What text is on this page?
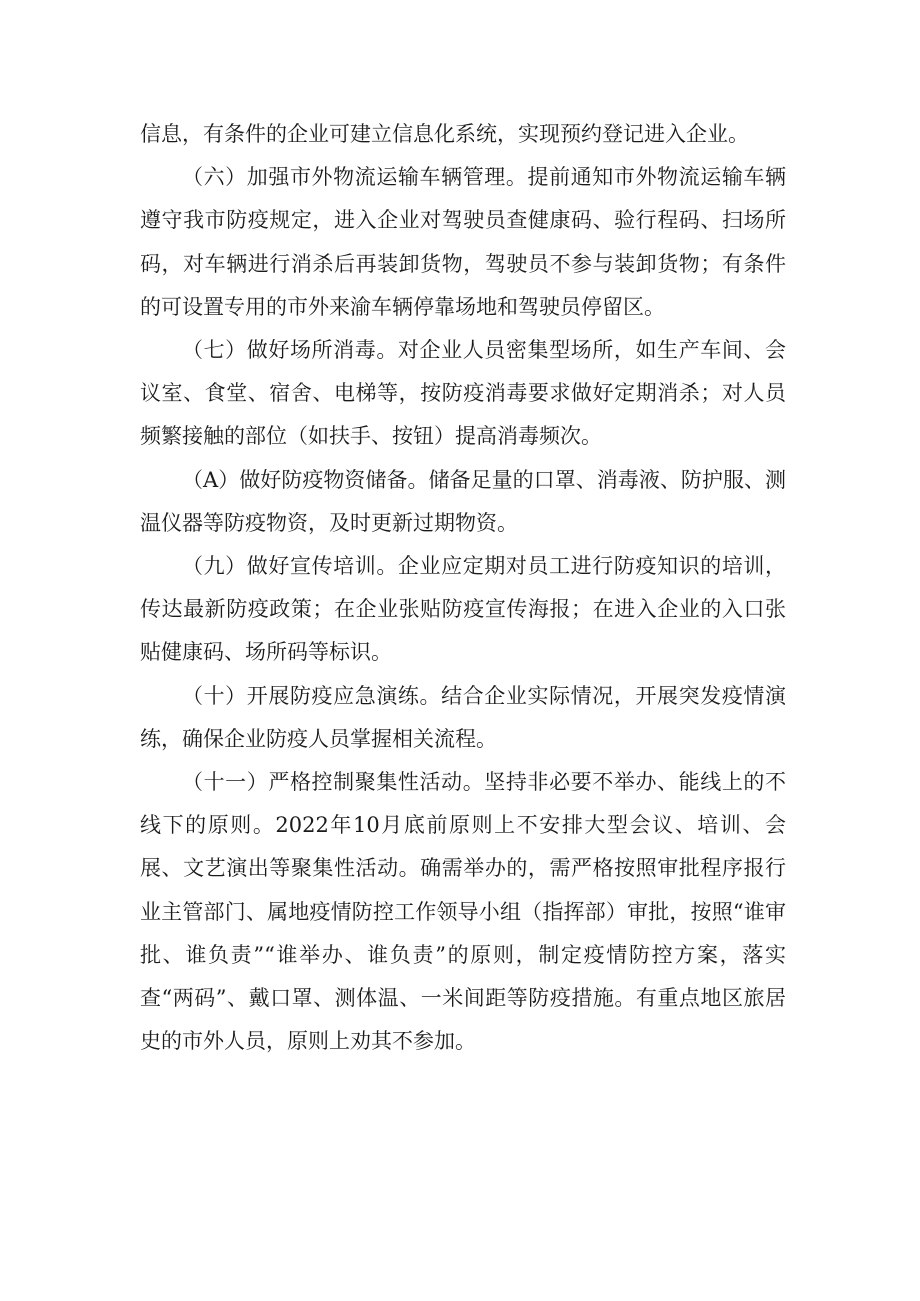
信息，有条件的企业可建立信息化系统，实现预约登记进入企业。

（六）加强市外物流运输车辆管理。提前通知市外物流运输车辆遵守我市防疫规定，进入企业对驾驶员查健康码、验行程码、扫场所码，对车辆进行消杀后再装卸货物，驾驶员不参与装卸货物；有条件的可设置专用的市外来渝车辆停靠场地和驾驶员停留区。

（七）做好场所消毒。对企业人员密集型场所，如生产车间、会议室、食堂、宿舍、电梯等，按防疫消毒要求做好定期消杀；对人员频繁接触的部位（如扶手、按钮）提高消毒频次。

（A）做好防疫物资储备。储备足量的口罩、消毒液、防护服、测温仪器等防疫物资，及时更新过期物资。

（九）做好宣传培训。企业应定期对员工进行防疫知识的培训，传达最新防疫政策；在企业张贴防疫宣传海报；在进入企业的入口张贴健康码、场所码等标识。

（十）开展防疫应急演练。结合企业实际情况，开展突发疫情演练，确保企业防疫人员掌握相关流程。

（十一）严格控制聚集性活动。坚持非必要不举办、能线上的不线下的原则。2022年10月底前原则上不安排大型会议、培训、会展、文艺演出等聚集性活动。确需举办的，需严格按照审批程序报行业主管部门、属地疫情防控工作领导小组（指挥部）审批，按照“谁审批、谁负责”“谁举办、谁负责”的原则，制定疫情防控方案，落实查“两码”、戴口罩、测体温、一米间距等防疫措施。有重点地区旅居史的市外人员，原则上劝其不参加。
